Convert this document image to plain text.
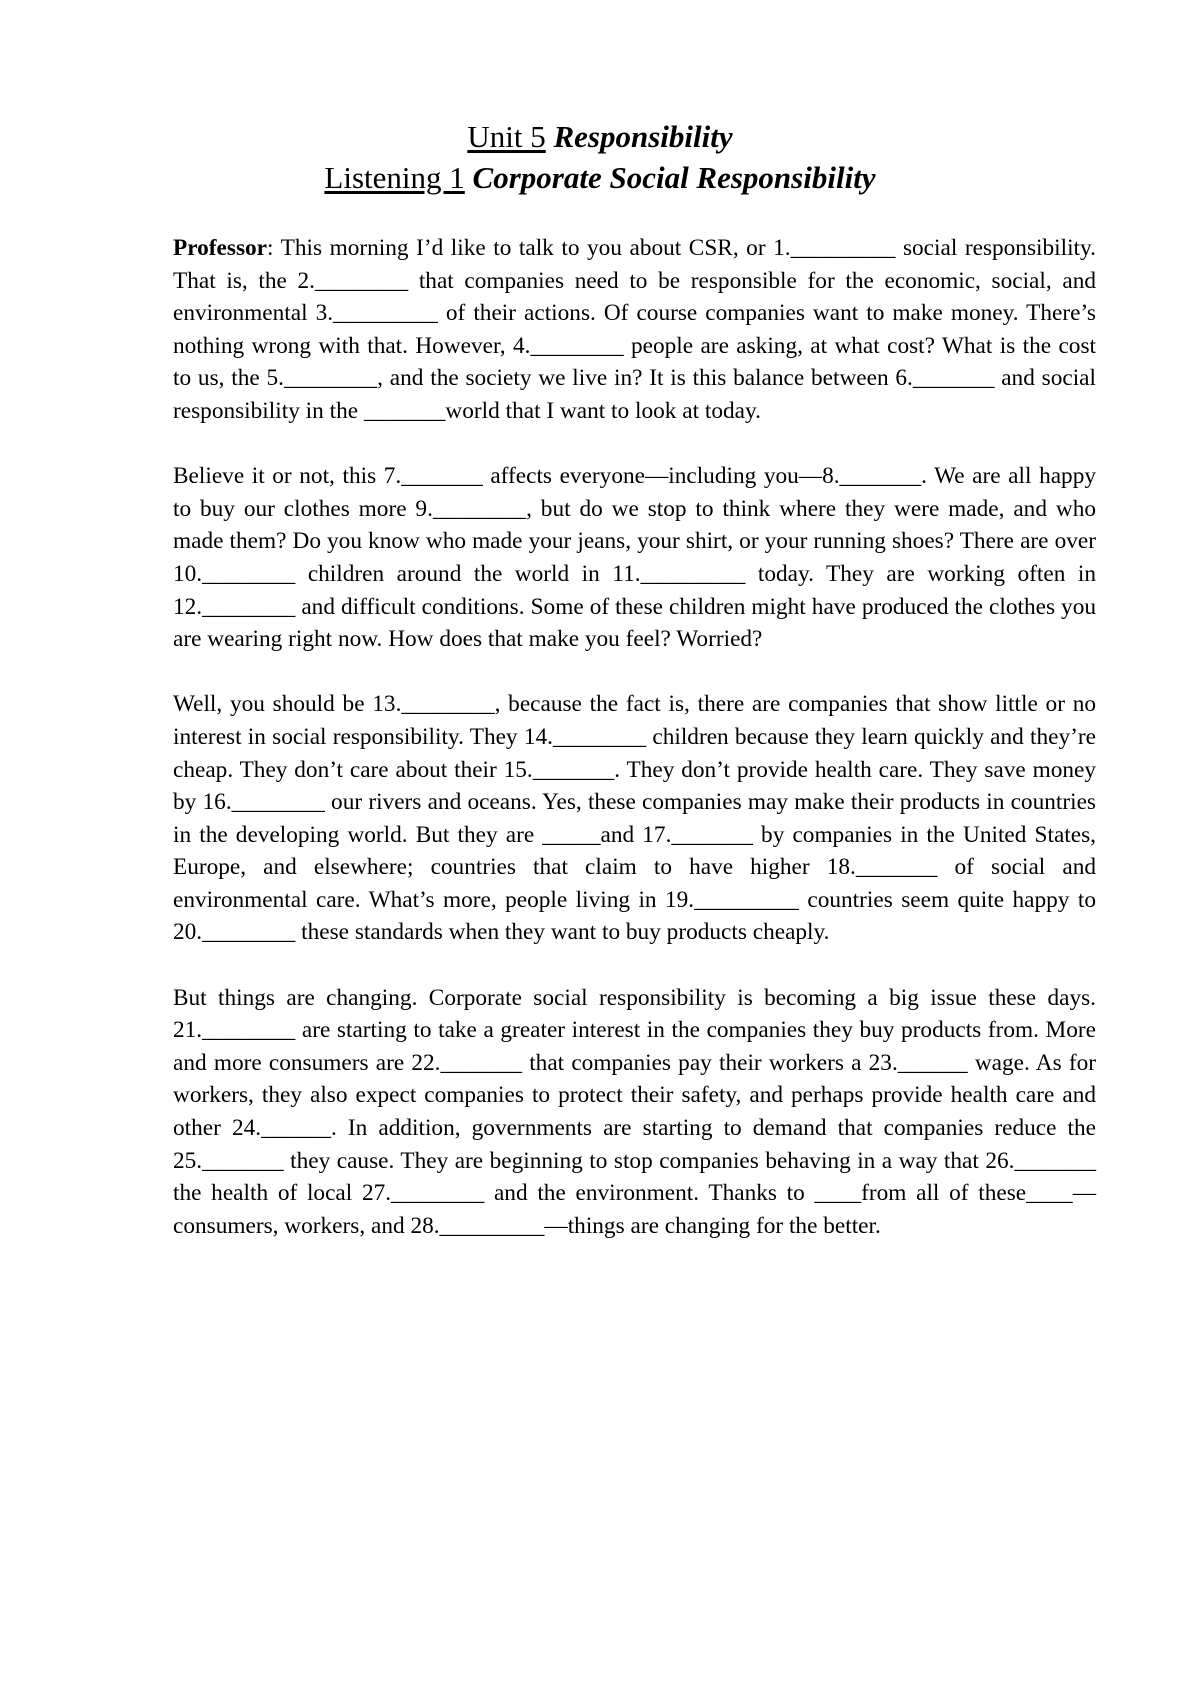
Unit 5 Responsibility
Listening 1 Corporate Social Responsibility

Professor: This morning I’d like to talk to you about CSR, or 1._________ social responsibility. That is, the 2.________ that companies need to be responsible for the economic, social, and environmental 3._________ of their actions. Of course companies want to make money. There’s nothing wrong with that. However, 4.________ people are asking, at what cost? What is the cost to us, the 5.________, and the society we live in? It is this balance between 6._______ and social responsibility in the _______world that I want to look at today.

Believe it or not, this 7._______ affects everyone—including you—8._______. We are all happy to buy our clothes more 9.________, but do we stop to think where they were made, and who made them? Do you know who made your jeans, your shirt, or your running shoes? There are over 10.________ children around the world in 11._________ today. They are working often in 12.________ and difficult conditions. Some of these children might have produced the clothes you are wearing right now. How does that make you feel? Worried?

Well, you should be 13.________, because the fact is, there are companies that show little or no interest in social responsibility. They 14.________ children because they learn quickly and they’re cheap. They don’t care about their 15._______. They don’t provide health care. They save money by 16.________ our rivers and oceans. Yes, these companies may make their products in countries in the developing world. But they are _____and 17._______ by companies in the United States, Europe, and elsewhere; countries that claim to have higher 18._______ of social and environmental care. What’s more, people living in 19._________ countries seem quite happy to 20.________ these standards when they want to buy products cheaply.

But things are changing. Corporate social responsibility is becoming a big issue these days. 21.________ are starting to take a greater interest in the companies they buy products from. More and more consumers are 22._______ that companies pay their workers a 23.______ wage. As for workers, they also expect companies to protect their safety, and perhaps provide health care and other 24.______. In addition, governments are starting to demand that companies reduce the 25._______ they cause. They are beginning to stop companies behaving in a way that 26._______ the health of local 27.________ and the environment. Thanks to ____from all of these____—consumers, workers, and 28._________—things are changing for the better.
